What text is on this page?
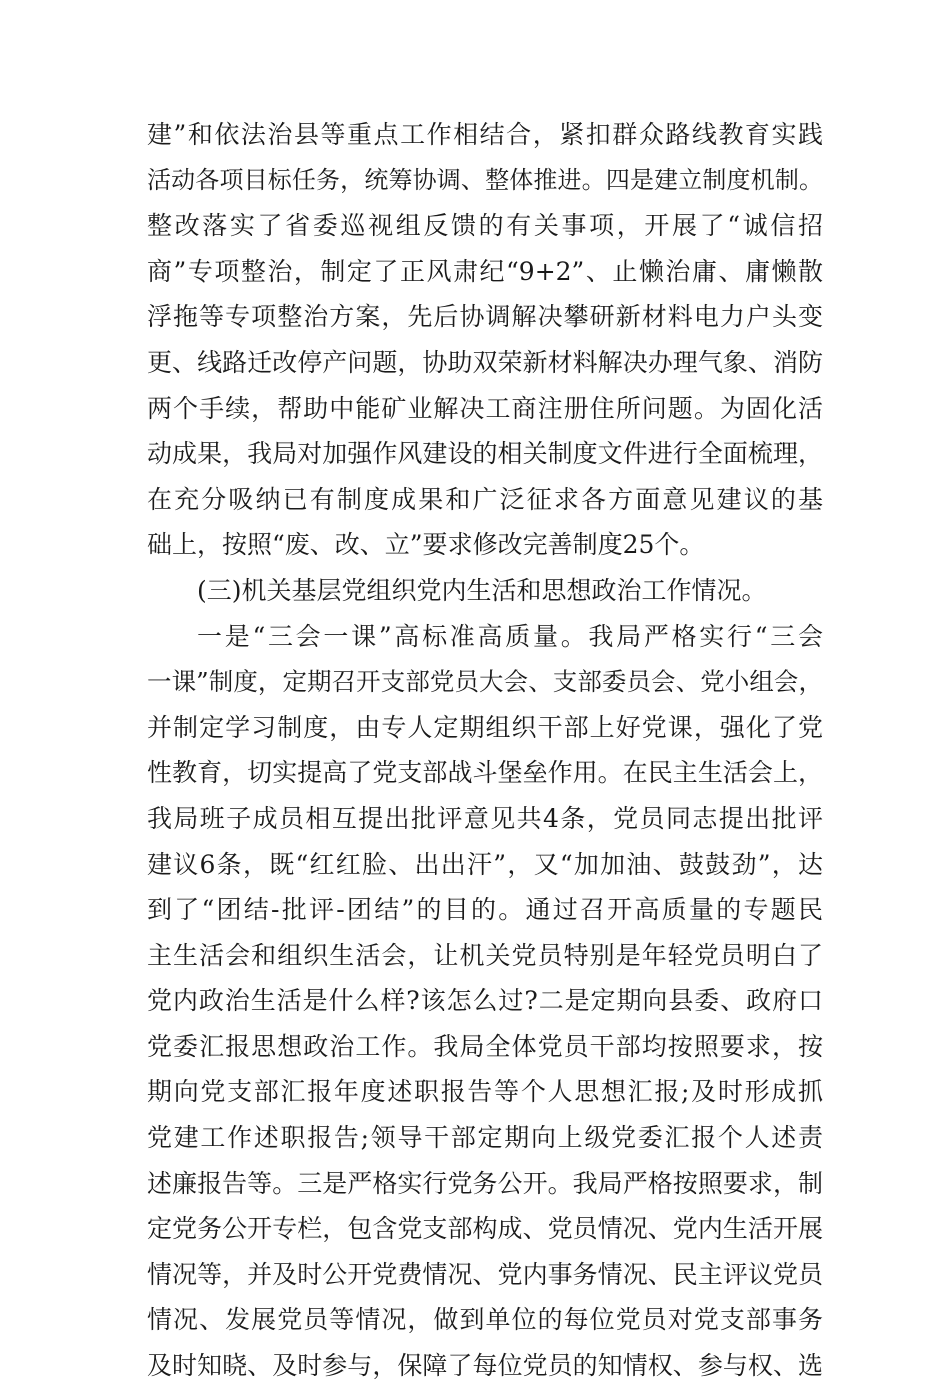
建”和依法治县等重点工作相结合，紧扣群众路线教育实践
活动各项目标任务，统筹协调、整体推进。四是建立制度机制。
整改落实了省委巡视组反馈的有关事项，开展了“诚信招
商”专项整治，制定了正风肃纪“9+2”、止懒治庸、庸懒散
浮拖等专项整治方案，先后协调解决攀研新材料电力户头变
更、线路迁改停产问题，协助双荣新材料解决办理气象、消防
两个手续，帮助中能矿业解决工商注册住所问题。为固化活
动成果，我局对加强作风建设的相关制度文件进行全面梳理，
在充分吸纳已有制度成果和广泛征求各方面意见建议的基
础上，按照“废、改、立”要求修改完善制度25个。
(三)机关基层党组织党内生活和思想政治工作情况。
一是“三会一课”高标准高质量。我局严格实行“三会
一课”制度，定期召开支部党员大会、支部委员会、党小组会，
并制定学习制度，由专人定期组织干部上好党课，强化了党
性教育，切实提高了党支部战斗堡垒作用。在民主生活会上，
我局班子成员相互提出批评意见共4条，党员同志提出批评
建议6条，既“红红脸、出出汗”，又“加加油、鼓鼓劲”，达
到了“团结-批评-团结”的目的。通过召开高质量的专题民
主生活会和组织生活会，让机关党员特别是年轻党员明白了
党内政治生活是什么样?该怎么过?二是定期向县委、政府口
党委汇报思想政治工作。我局全体党员干部均按照要求，按
期向党支部汇报年度述职报告等个人思想汇报;及时形成抓
党建工作述职报告;领导干部定期向上级党委汇报个人述责
述廉报告等。三是严格实行党务公开。我局严格按照要求，制
定党务公开专栏，包含党支部构成、党员情况、党内生活开展
情况等，并及时公开党费情况、党内事务情况、民主评议党员
情况、发展党员等情况，做到单位的每位党员对党支部事务
及时知晓、及时参与，保障了每位党员的知情权、参与权、选
